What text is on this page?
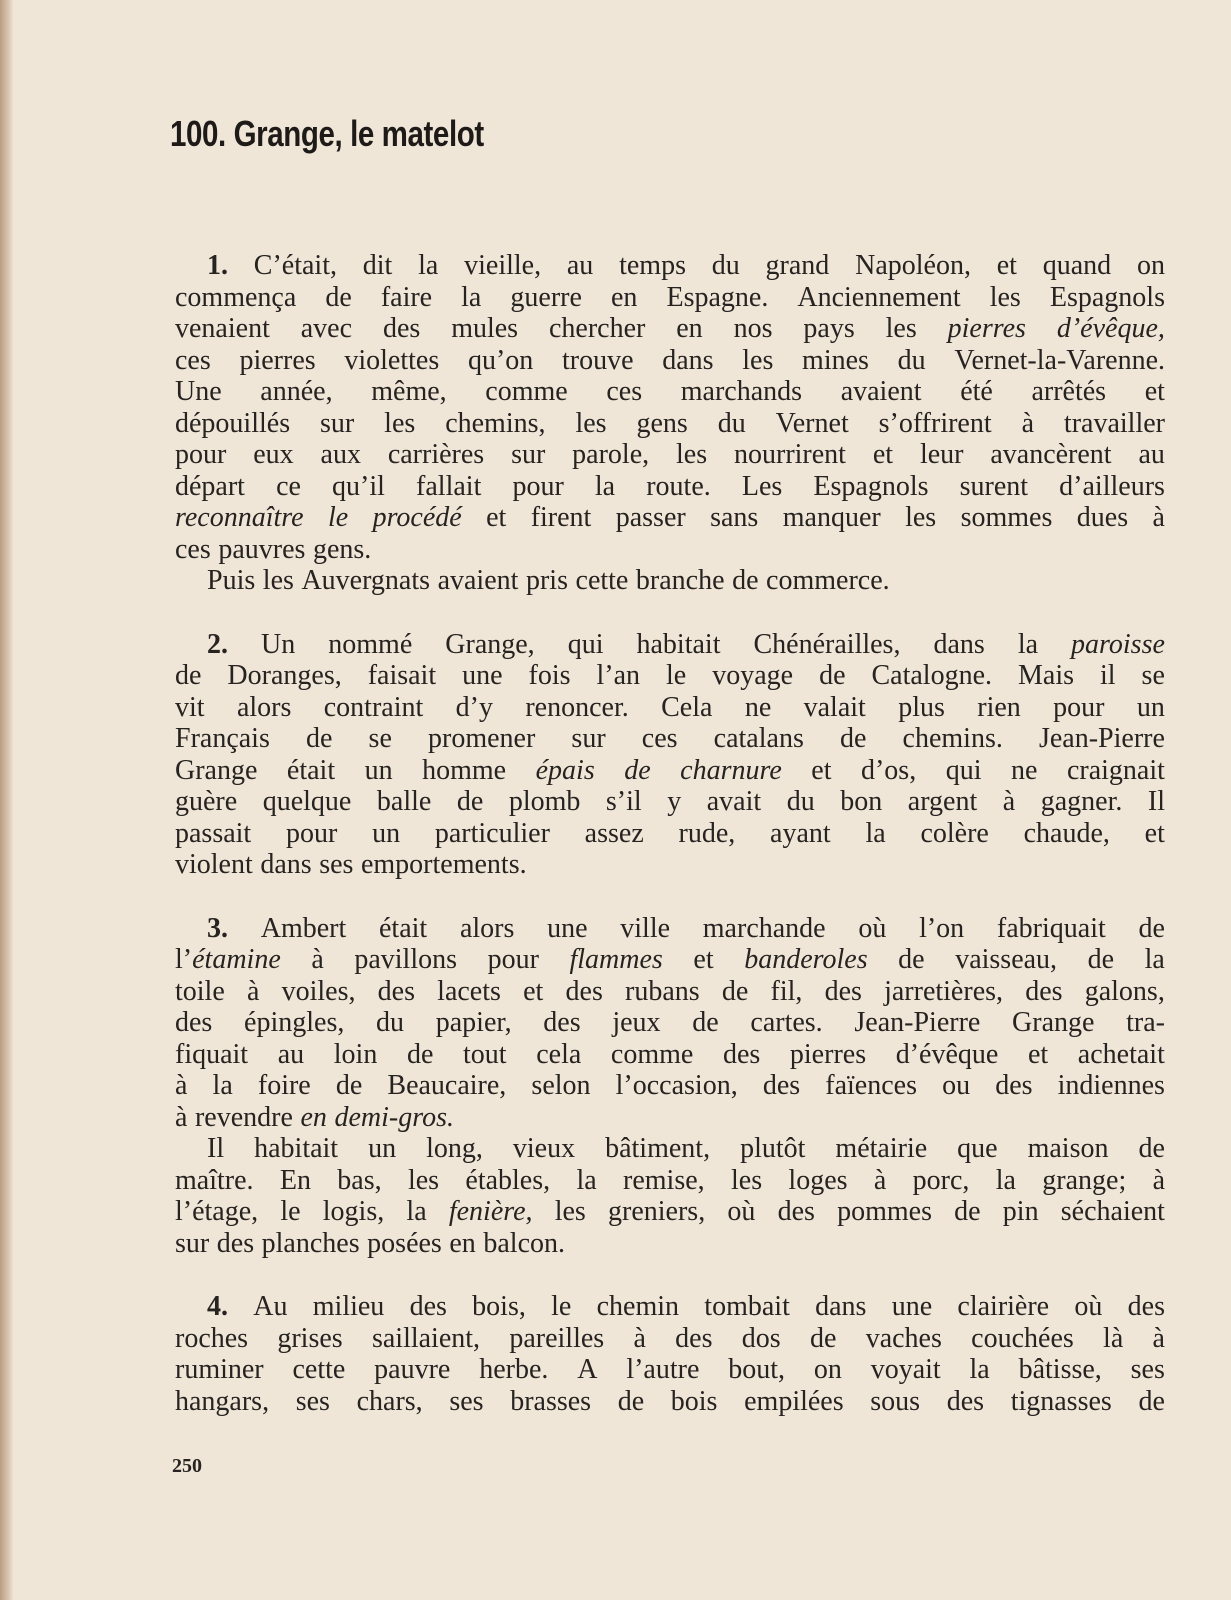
100. Grange, le matelot
1. C’était, dit la vieille, au temps du grand Napoléon, et quand on
commença de faire la guerre en Espagne. Anciennement les Espagnols
venaient avec des mules chercher en nos pays les pierres d’évêque,
ces pierres violettes qu’on trouve dans les mines du Vernet-la-Varenne.
Une année, même, comme ces marchands avaient été arrêtés et
dépouillés sur les chemins, les gens du Vernet s’offrirent à travailler
pour eux aux carrières sur parole, les nourrirent et leur avancèrent au
départ ce qu’il fallait pour la route. Les Espagnols surent d’ailleurs
reconnaître le procédé et firent passer sans manquer les sommes dues à
ces pauvres gens.
Puis les Auvergnats avaient pris cette branche de commerce.
2. Un nommé Grange, qui habitait Chénérailles, dans la paroisse
de Doranges, faisait une fois l’an le voyage de Catalogne. Mais il se
vit alors contraint d’y renoncer. Cela ne valait plus rien pour un
Français de se promener sur ces catalans de chemins. Jean-Pierre
Grange était un homme épais de charnure et d’os, qui ne craignait
guère quelque balle de plomb s’il y avait du bon argent à gagner. Il
passait pour un particulier assez rude, ayant la colère chaude, et
violent dans ses emportements.
3. Ambert était alors une ville marchande où l’on fabriquait de
l’étamine à pavillons pour flammes et banderoles de vaisseau, de la
toile à voiles, des lacets et des rubans de fil, des jarretières, des galons,
des épingles, du papier, des jeux de cartes. Jean-Pierre Grange tra-
fiquait au loin de tout cela comme des pierres d’évêque et achetait
à la foire de Beaucaire, selon l’occasion, des faïences ou des indiennes
à revendre en demi-gros.
Il habitait un long, vieux bâtiment, plutôt métairie que maison de
maître. En bas, les étables, la remise, les loges à porc, la grange; à
l’étage, le logis, la fenière, les greniers, où des pommes de pin séchaient
sur des planches posées en balcon.
4. Au milieu des bois, le chemin tombait dans une clairière où des
roches grises saillaient, pareilles à des dos de vaches couchées là à
ruminer cette pauvre herbe. A l’autre bout, on voyait la bâtisse, ses
hangars, ses chars, ses brasses de bois empilées sous des tignasses de
250
